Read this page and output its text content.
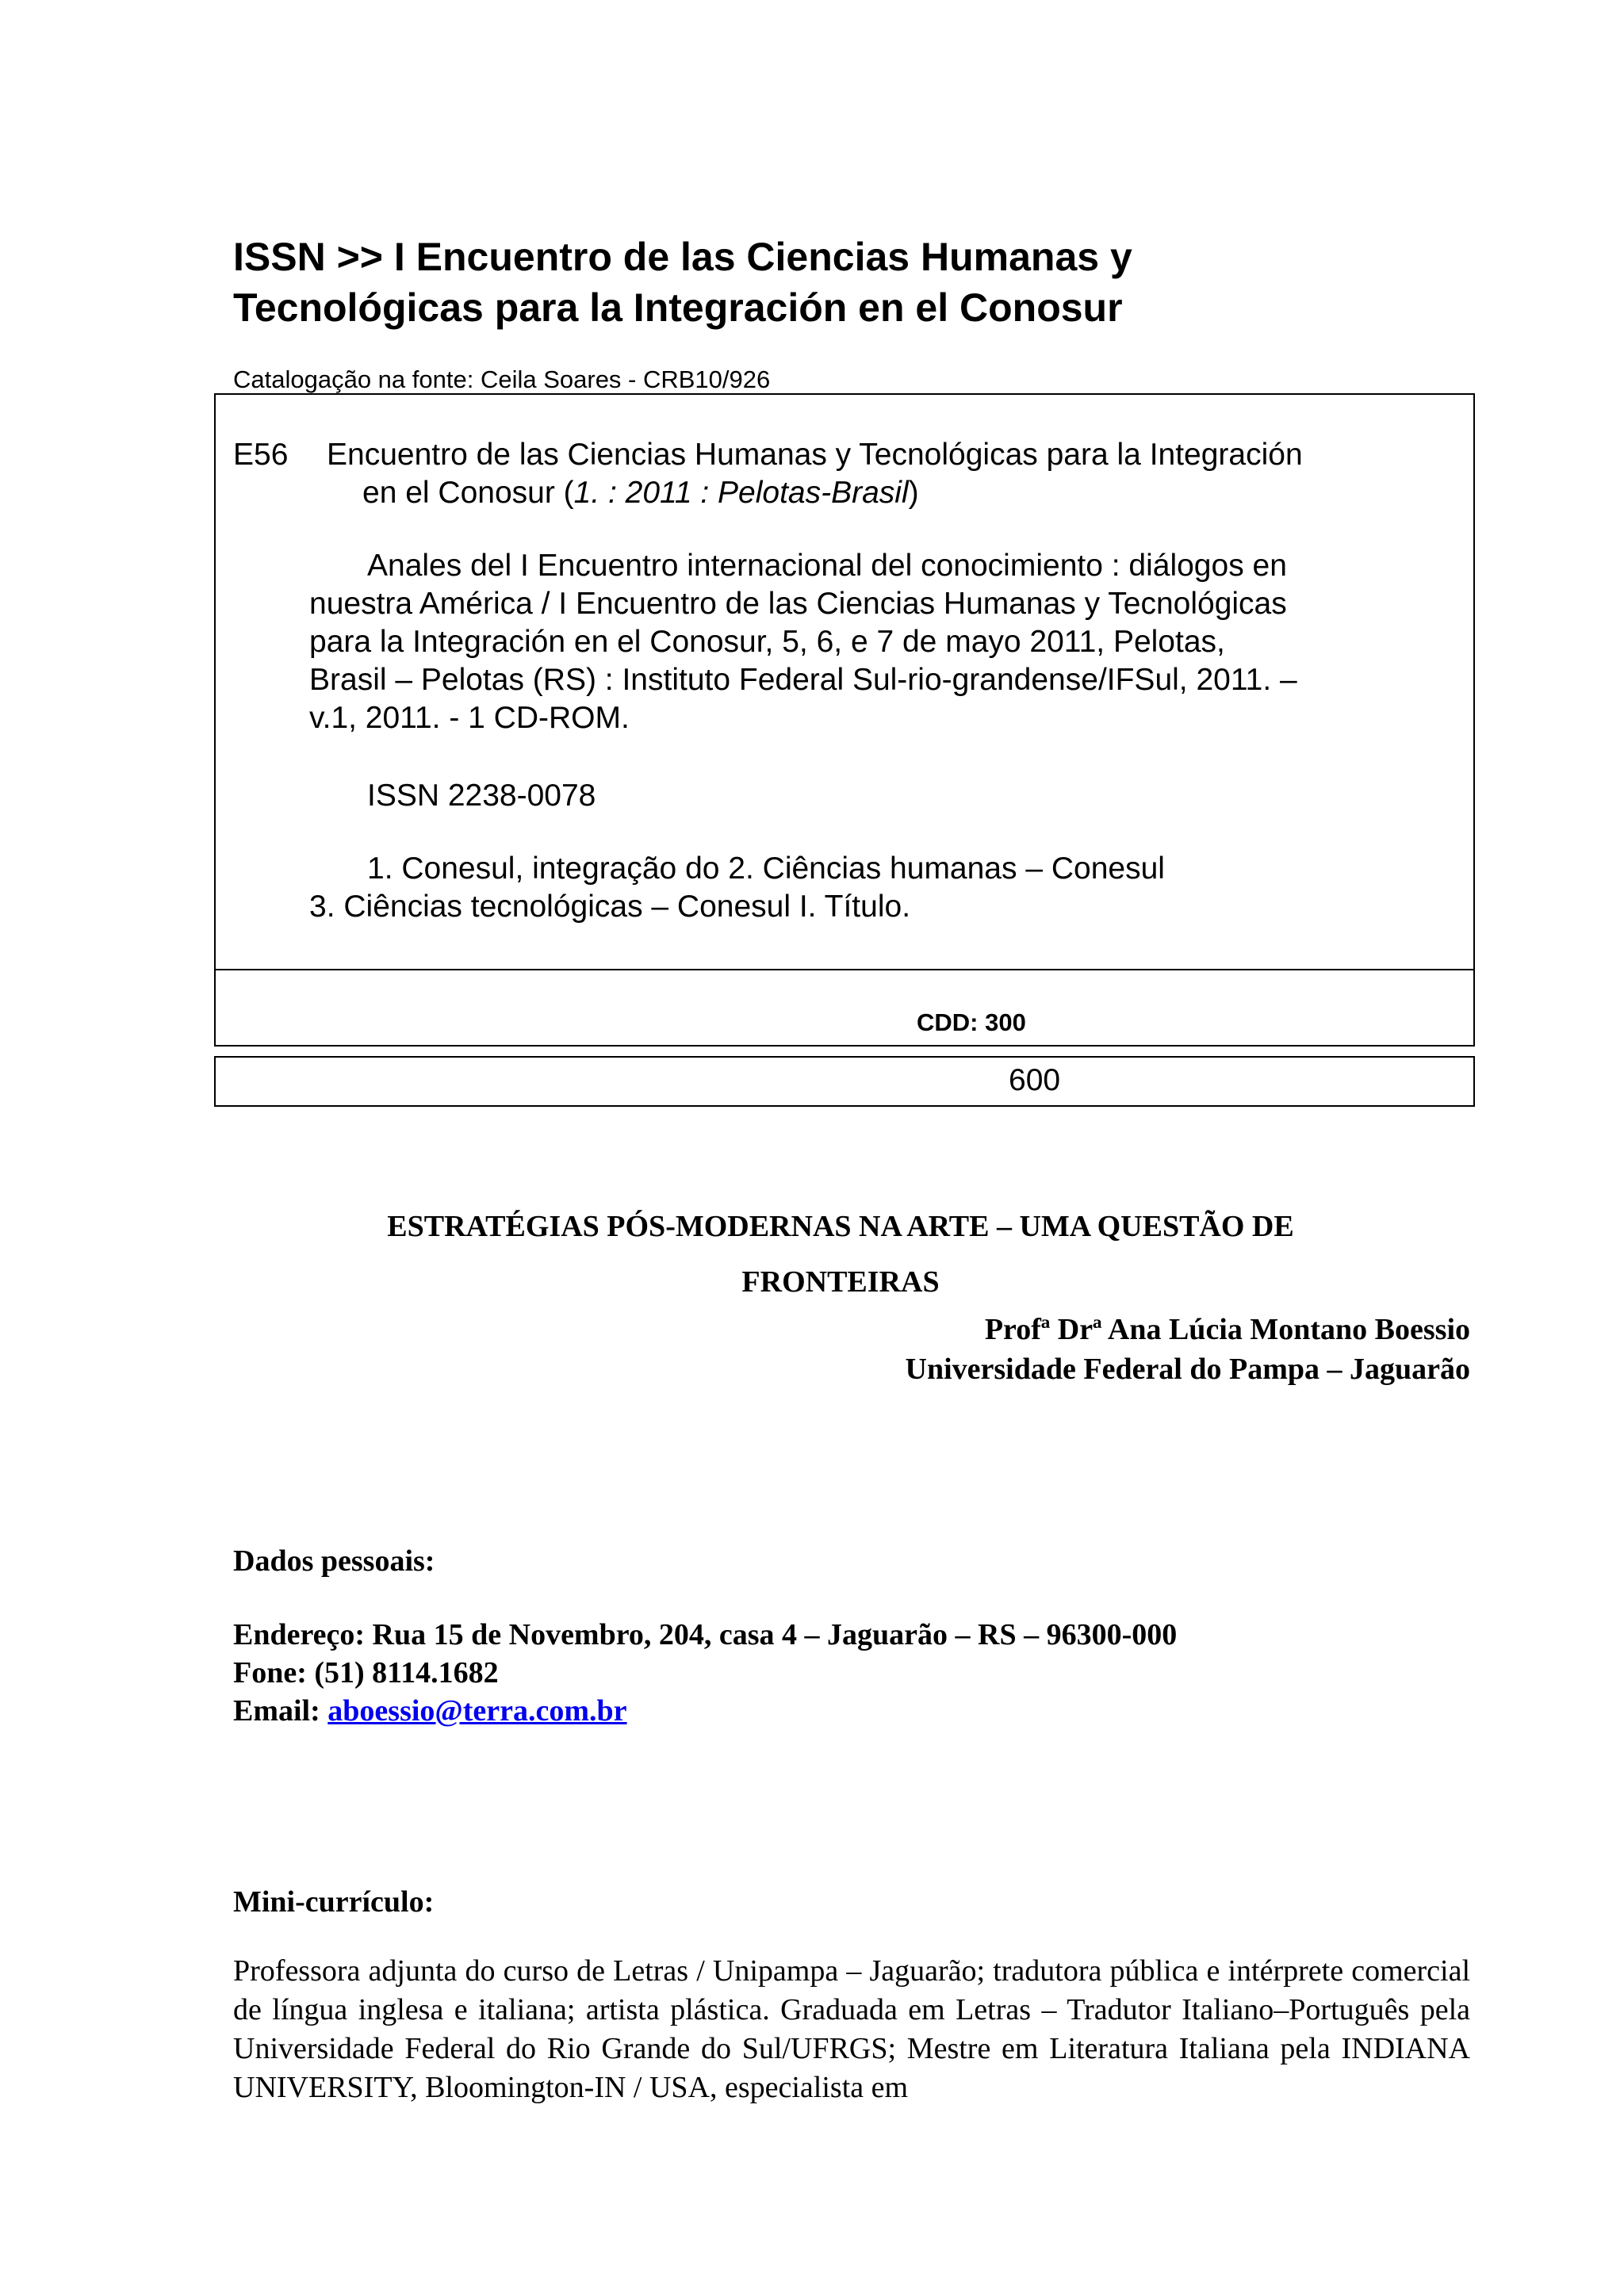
ISSN >> I Encuentro de las Ciencias Humanas y
Tecnológicas para la Integración en el Conosur
Catalogação na fonte: Ceila Soares - CRB10/926
E56 Encuentro de las Ciencias Humanas y Tecnológicas para la Integración
en el Conosur (1. : 2011 : Pelotas-Brasil)
Anales del I Encuentro internacional del conocimiento : diálogos en
nuestra América / I Encuentro de las Ciencias Humanas y Tecnológicas
para la Integración en el Conosur, 5, 6, e 7 de mayo 2011, Pelotas,
Brasil – Pelotas (RS) : Instituto Federal Sul-rio-grandense/IFSul, 2011. –
v.1, 2011. - 1 CD-ROM.
ISSN 2238-0078
1. Conesul, integração do 2. Ciências humanas – Conesul
3. Ciências tecnológicas – Conesul I. Título.
CDD: 300
600
ESTRATÉGIAS PÓS-MODERNAS NA ARTE – UMA QUESTÃO DE
FRONTEIRAS
Profª Drª Ana Lúcia Montano Boessio
Universidade Federal do Pampa – Jaguarão
Dados pessoais:
Endereço: Rua 15 de Novembro, 204, casa 4 – Jaguarão – RS – 96300-000
Fone: (51) 8114.1682
Email: aboessio@terra.com.br
Mini-currículo:
Professora adjunta do curso de Letras / Unipampa – Jaguarão; tradutora pública e intérprete comercial de língua inglesa e italiana; artista plástica. Graduada em Letras – Tradutor Italiano–Português pela Universidade Federal do Rio Grande do Sul/UFRGS; Mestre em Literatura Italiana pela INDIANA UNIVERSITY, Bloomington-IN / USA, especialista em
